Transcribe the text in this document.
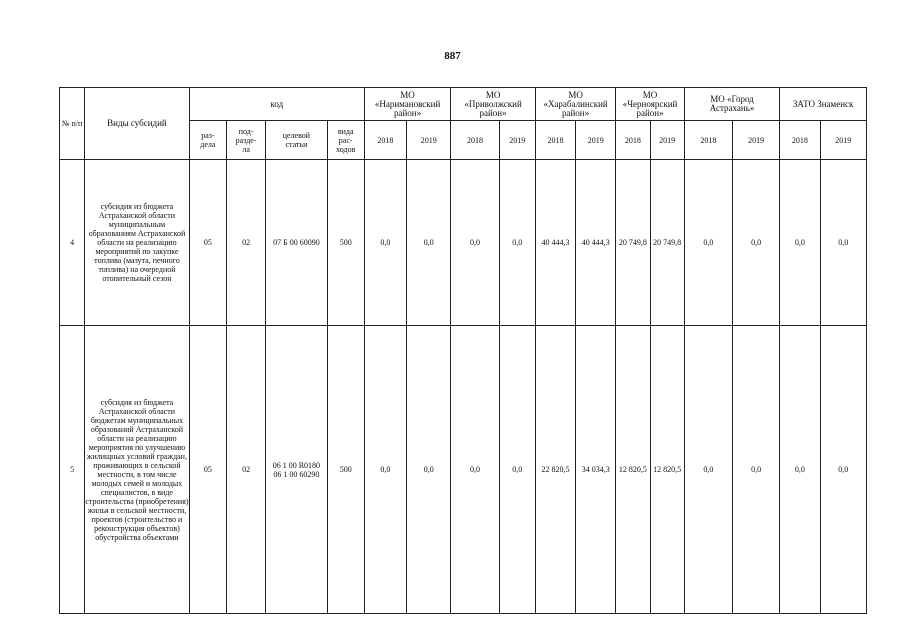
887
№ п/п	Виды субсидий	код				МО
«Наримановский
район»		МО
«Приволжский
район»		МО
«Харабалинский
район»		МО
«Черноярский
район»		МО «Город
Астрахань»		ЗАТО Знаменск	
		раз-
дела	под-
разде-
ла	целевой
статьи	вида
рас-
ходов	2018	2019	2018	2019	2018	2019	2018	2019	2018	2019	2018	2019
4	субсидия из бюджета Астраханской области муниципальным образованиям Астраханской области на реализацию мероприятий по закупке топлива (мазута, печного топлива) на очередной отопительный сезон	05	02	07 Б 00 60090	500	0,0	0,0	0,0	0,0	40 444,3	40 444,3	20 749,8	20 749,8	0,0	0,0	0,0	0,0
5	субсидия из бюджета Астраханской области бюджетам муниципальных образований Астраханской области на реализацию мероприятия по улучшению жилищных условий граждан, проживающих в сельской местности, в том числе молодых семей и молодых специалистов, в виде строительства (приобретения) жилья в сельской местности, проектов (строительство и реконструкция объектов) обустройства объектами	05	02	06 1 00 R0180
06 1 00 60290	500	0,0	0,0	0,0	0,0	22 820,5	34 034,3	12 820,5	12 820,5	0,0	0,0	0,0	0,0
